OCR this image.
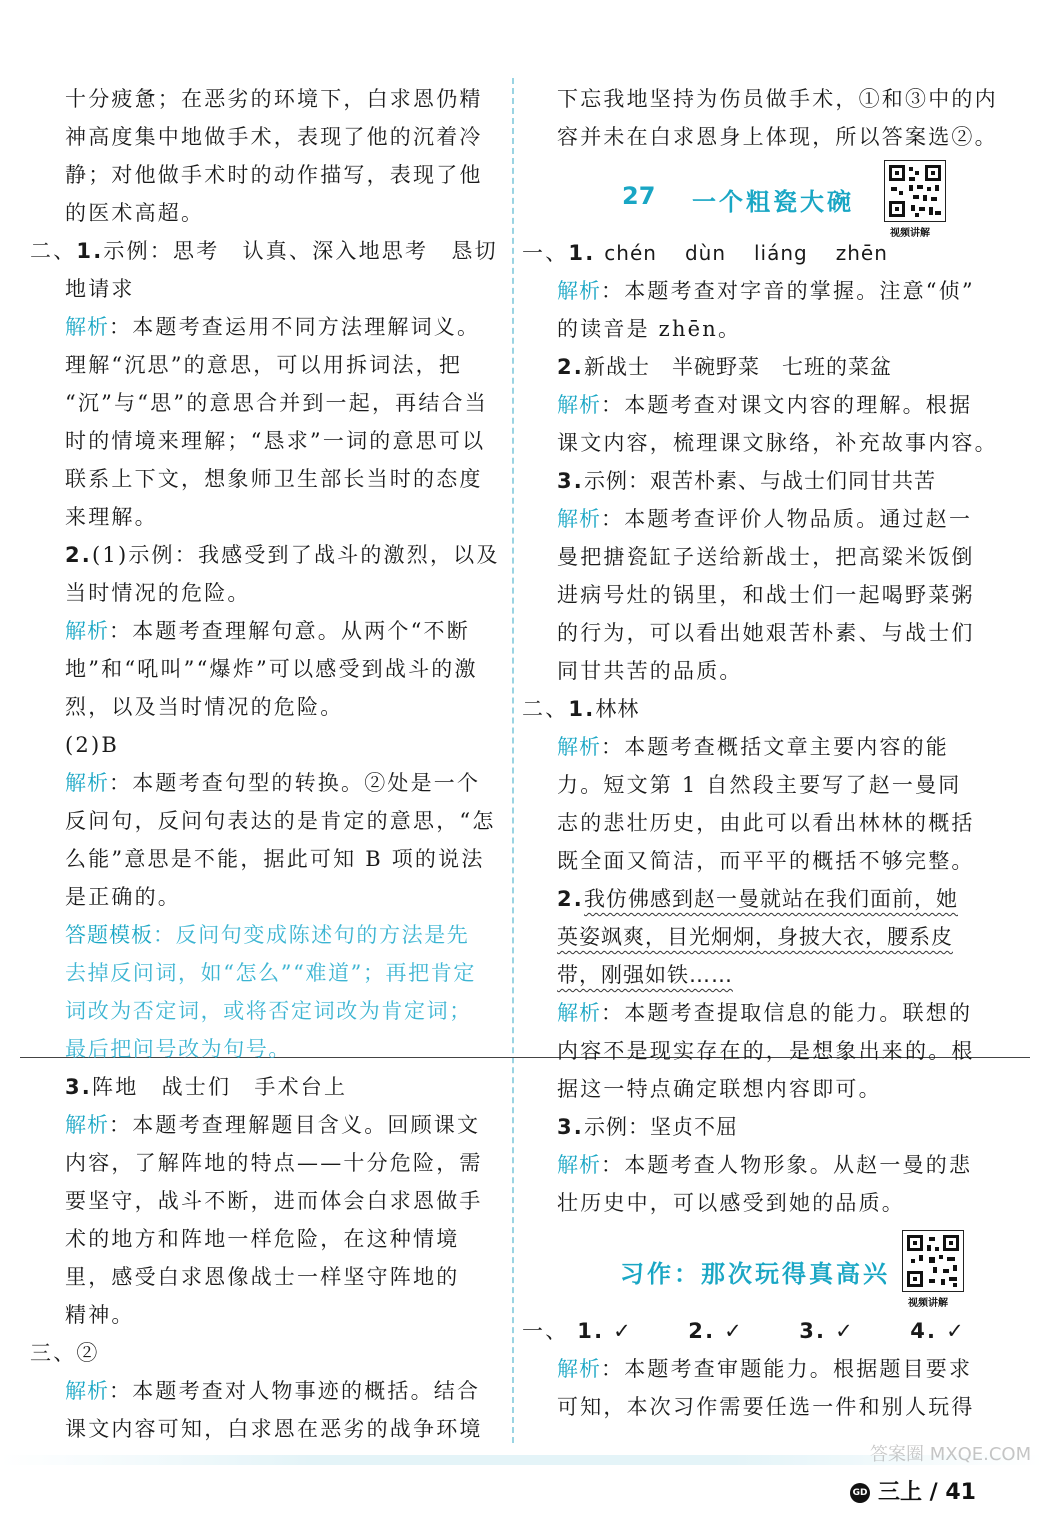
十分疲惫；在恶劣的环境下，白求恩仍精

神高度集中地做手术，表现了他的沉着冷

静；对他做手术时的动作描写，表现了他

的医术高超。

二、1.示例：思考　认真、深入地思考　恳切

地请求

解析：本题考查运用不同方法理解词义。

理解“沉思”的意思，可以用拆词法，把

“沉”与“思”的意思合并到一起，再结合当

时的情境来理解；“恳求”一词的意思可以

联系上下文，想象师卫生部长当时的态度

来理解。

2.(1)示例：我感受到了战斗的激烈，以及

当时情况的危险。

解析：本题考查理解句意。从两个“不断

地”和“吼叫”“爆炸”可以感受到战斗的激

烈，以及当时情况的危险。

(2)B

解析：本题考查句型的转换。②处是一个

反问句，反问句表达的是肯定的意思，“怎

么能”意思是不能，据此可知 B 项的说法

是正确的。

答题模板：反问句变成陈述句的方法是先

去掉反问词，如“怎么”“难道”；再把肯定

词改为否定词，或将否定词改为肯定词；

最后把问号改为句号。

3.阵地　战士们　手术台上

解析：本题考查理解题目含义。回顾课文

内容，了解阵地的特点——十分危险，需

要坚守，战斗不断，进而体会白求恩做手

术的地方和阵地一样危险，在这种情境

里，感受白求恩像战士一样坚守阵地的

精神。

三、②

解析：本题考查对人物事迹的概括。结合

课文内容可知，白求恩在恶劣的战争环境

下忘我地坚持为伤员做手术，①和③中的内

容并未在白求恩身上体现，所以答案选②。

27 一个粗瓷大碗
视频讲解

一、1. chén dùn liáng zhēn

解析：本题考查对字音的掌握。注意“侦”

的读音是 zhēn。

2.新战士　半碗野菜　七班的菜盆

解析：本题考查对课文内容的理解。根据

课文内容，梳理课文脉络，补充故事内容。

3.示例：艰苦朴素、与战士们同甘共苦

解析：本题考查评价人物品质。通过赵一

曼把搪瓷缸子送给新战士，把高粱米饭倒

进病号灶的锅里，和战士们一起喝野菜粥

的行为，可以看出她艰苦朴素、与战士们

同甘共苦的品质。

二、1.林林

解析：本题考查概括文章主要内容的能

力。短文第 1 自然段主要写了赵一曼同

志的悲壮历史，由此可以看出林林的概括

既全面又简洁，而平平的概括不够完整。

2.我仿佛感到赵一曼就站在我们面前，她

英姿飒爽，目光炯炯，身披大衣，腰系皮

带，刚强如铁……

解析：本题考查提取信息的能力。联想的

内容不是现实存在的，是想象出来的。根

据这一特点确定联想内容即可。

3.示例：坚贞不屈

解析：本题考查人物形象。从赵一曼的悲

壮历史中，可以感受到她的品质。

习作：那次玩得真高兴
视频讲解

一、 1. ✓　　 2. ✓　　 3. ✓　　 4. ✓

解析：本题考查审题能力。根据题目要求

可知，本次习作需要任选一件和别人玩得

GD 三上 / 41
答案圈 MXQE.COM
